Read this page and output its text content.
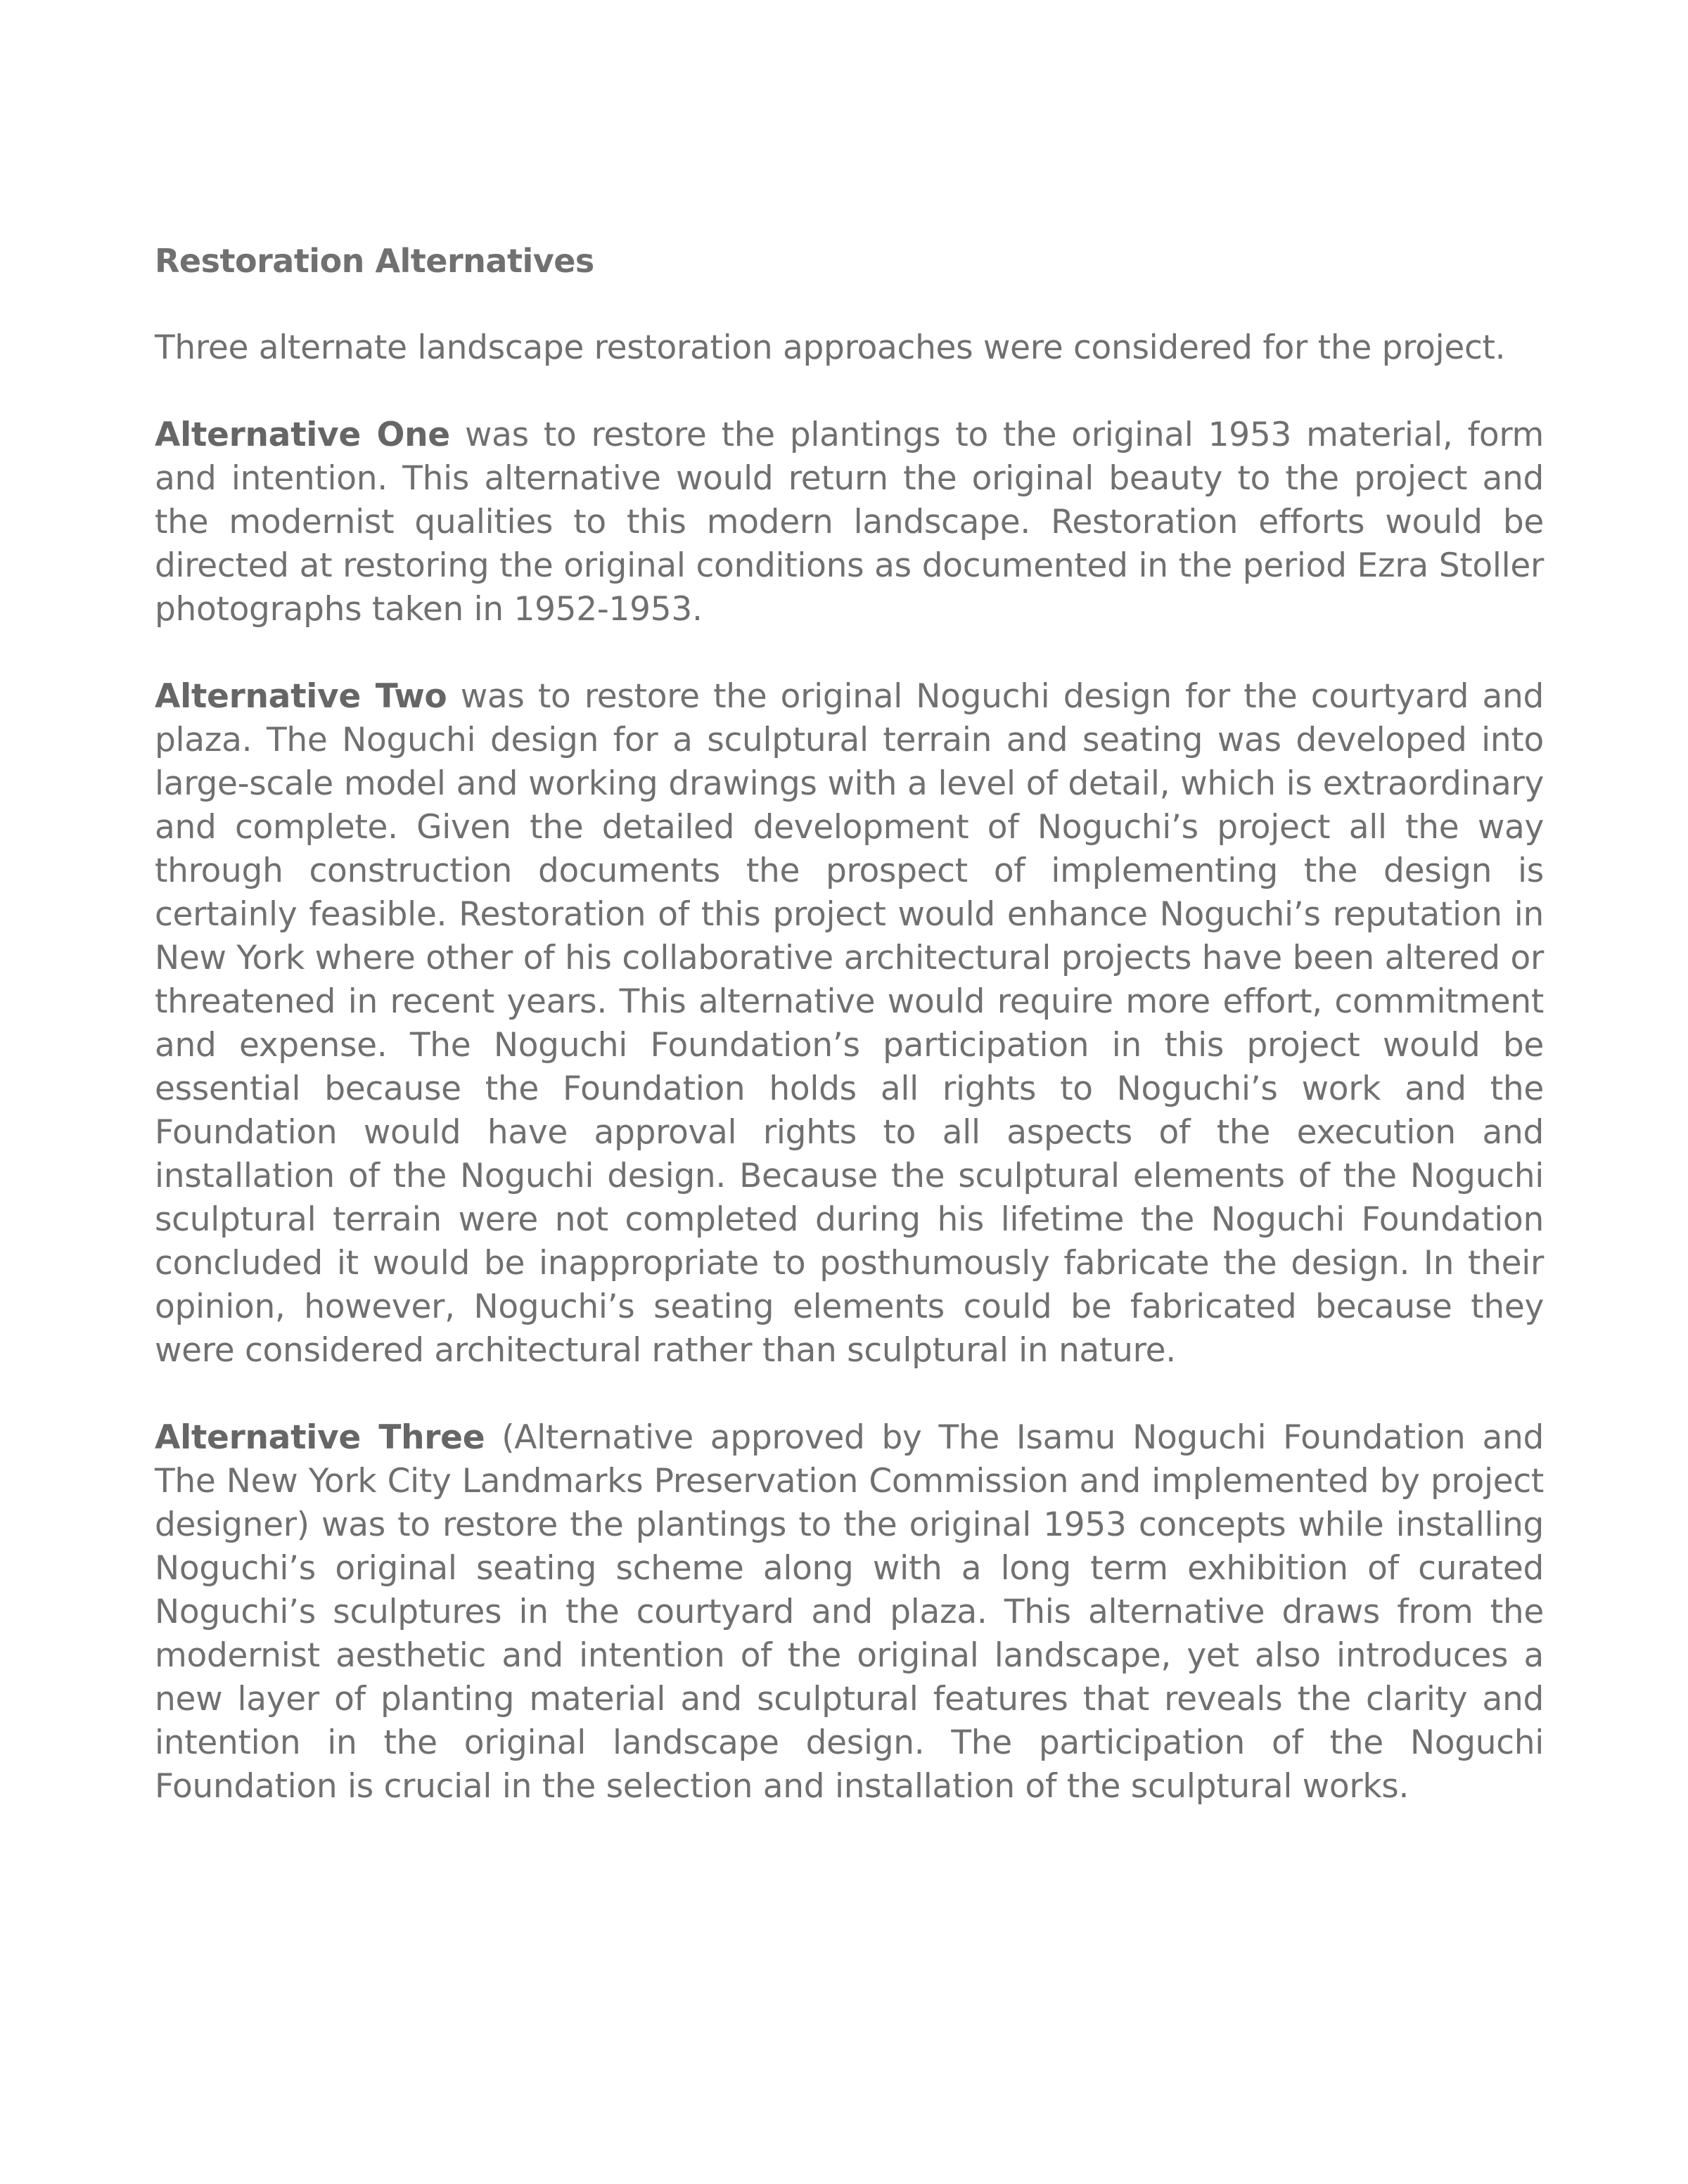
Restoration Alternatives

Three alternate landscape restoration approaches were considered for the project.

Alternative One was to restore the plantings to the original 1953 material, form and intention. This alternative would return the original beauty to the project and the modernist qualities to this modern landscape. Restoration efforts would be directed at restoring the original conditions as documented in the period Ezra Stoller photographs taken in 1952-1953.

Alternative Two was to restore the original Noguchi design for the courtyard and plaza. The Noguchi design for a sculptural terrain and seating was developed into large-scale model and working drawings with a level of detail, which is extraordinary and complete. Given the detailed development of Noguchi’s project all the way through construction documents the prospect of implementing the design is certainly feasible. Restoration of this project would enhance Noguchi’s reputation in New York where other of his collaborative architectural projects have been altered or threatened in recent years. This alternative would require more effort, commitment and expense. The Noguchi Foundation’s participation in this project would be essential because the Foundation holds all rights to Noguchi’s work and the Foundation would have approval rights to all aspects of the execution and installation of the Noguchi design. Because the sculptural elements of the Noguchi sculptural terrain were not completed during his lifetime the Noguchi Foundation concluded it would be inappropriate to posthumously fabricate the design. In their opinion, however, Noguchi’s seating elements could be fabricated because they were considered architectural rather than sculptural in nature.

Alternative Three (Alternative approved by The Isamu Noguchi Foundation and The New York City Landmarks Preservation Commission and implemented by project designer) was to restore the plantings to the original 1953 concepts while installing Noguchi’s original seating scheme along with a long term exhibition of curated Noguchi’s sculptures in the courtyard and plaza. This alternative draws from the modernist aesthetic and intention of the original landscape, yet also introduces a new layer of planting material and sculptural features that reveals the clarity and intention in the original landscape design. The participation of the Noguchi Foundation is crucial in the selection and installation of the sculptural works.
